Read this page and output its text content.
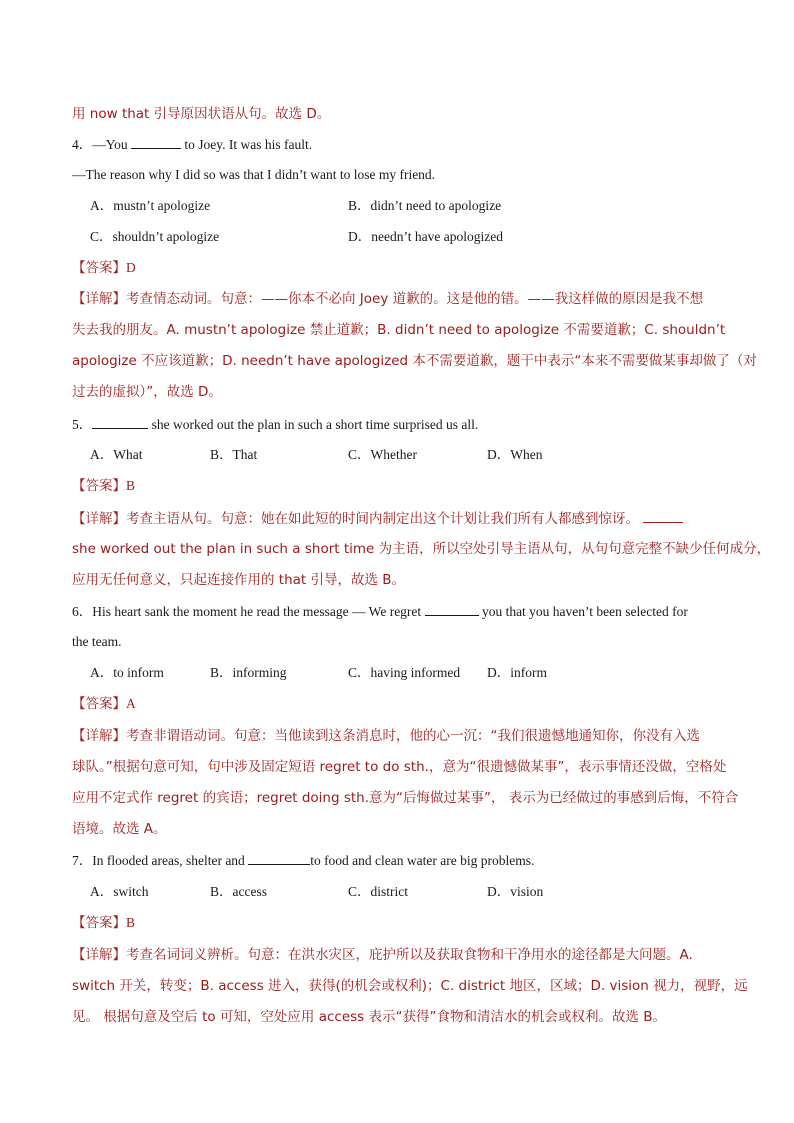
用 now that 引导原因状语从句。故选 D。
4．—You	to Joey. It was his fault.
—The reason why I did so was that I didn’t want to lose my friend.
A．mustn’t apologize	B．didn’t need to apologize
C．shouldn’t apologize	D．needn’t have apologized
【答案】D
【详解】考查情态动词。句意：——你本不必向 Joey 道歉的。这是他的错。——我这样做的原因是我不想
失去我的朋友。A. mustn’t apologize 禁止道歉；B. didn’t need to apologize 不需要道歉；C. shouldn’t
apologize 不应该道歉；D. needn’t have apologized 本不需要道歉，题干中表示“本来不需要做某事却做了（对
过去的虚拟）”，故选 D。
5．	she worked out the plan in such a short time surprised us all.
A．What	B．That	C．Whether	D．When
【答案】B
【详解】考查主语从句。句意：她在如此短的时间内制定出这个计划让我们所有人都感到惊讶。
she worked out the plan in such a short time 为主语，所以空处引导主语从句，从句句意完整不缺少任何成分，
应用无任何意义，只起连接作用的 that 引导，故选 B。
6．His heart sank the moment he read the message — We regret	you that you haven’t been selected for
the team.
A．to inform	B．informing	C．having informed D．inform
【答案】A
【详解】考查非谓语动词。句意：当他读到这条消息时，他的心一沉：“我们很遗憾地通知你，你没有入选
球队。”根据句意可知，句中涉及固定短语 regret to do sth.，意为“很遗憾做某事”，表示事情还没做，空格处
应用不定式作 regret 的宾语；regret doing sth.意为“后悔做过某事”， 表示为已经做过的事感到后悔，不符合
语境。故选 A。
7．In flooded areas, shelter and	to food and clean water are big problems.
A．switch	B．access	C．district	D．vision
【答案】B
【详解】考查名词词义辨析。句意：在洪水灾区，庇护所以及获取食物和干净用水的途径都是大问题。A.
switch 开关，转变；B. access 进入，获得(的机会或权利)；C. district 地区，区域；D. vision 视力，视野，远
见。 根据句意及空后 to 可知，空处应用 access 表示“获得”食物和清洁水的机会或权利。故选 B。
